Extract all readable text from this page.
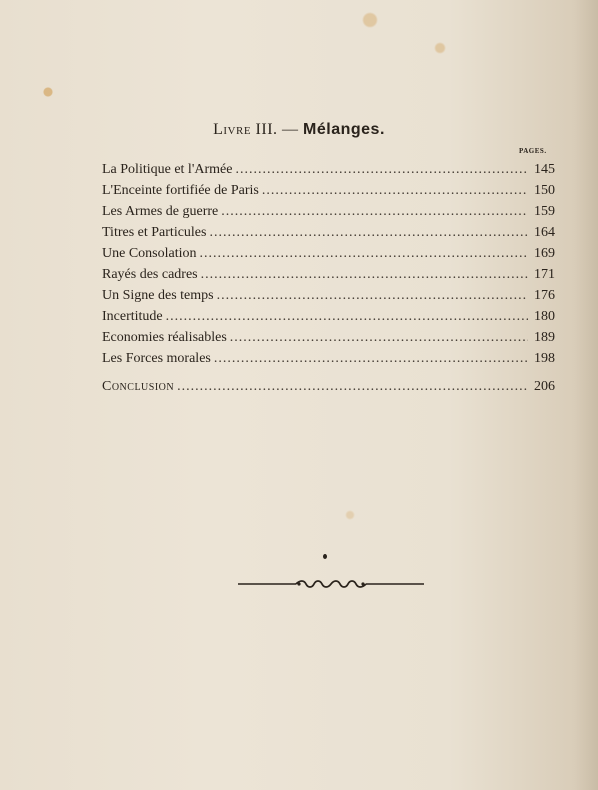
Livre III. — Mélanges.
PAGES.
La Politique et l'Armée .....	145
L'Enceinte fortifiée de Paris .....	150
Les Armes de guerre .....	159
Titres et Particules .....	164
Une Consolation .....	169
Rayés des cadres .....	171
Un Signe des temps .....	176
Incertitude .....	180
Economies réalisables .....	189
Les Forces morales .....	198
Conclusion .....	206
